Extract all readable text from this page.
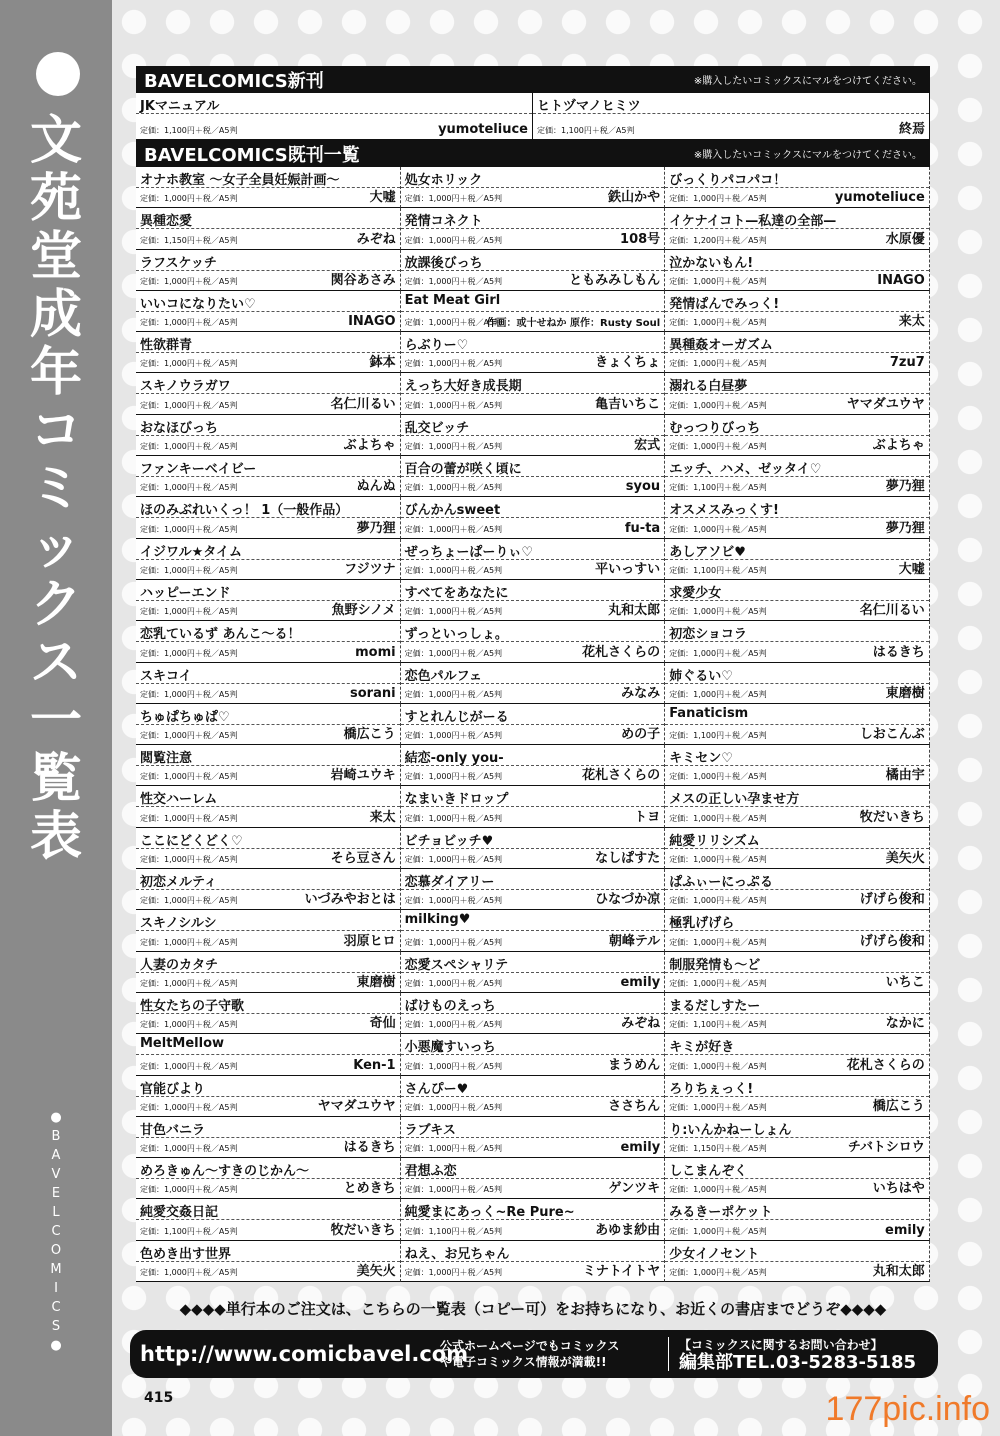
文
苑
堂
成
年
コ
ミ
ッ
ク
ス
一
覧
表
●
B
A
V
E
L
C
O
M
I
C
S
●
BAVELCOMICS新刊	※購入したいコミックスにマルをつけてください。
JKマニュアル
定価：1,100円＋税／A5判	yumoteliuce
ヒトヅマノヒミツ
定価：1,100円＋税／A5判	終焉
BAVELCOMICS既刊一覧	※購入したいコミックスにマルをつけてください。
オナホ教室 〜女子全員妊娠計画〜
定価：1,000円＋税／A5判	大嘘
異種恋愛
定価：1,150円＋税／A5判	みぞね
ラフスケッチ
定価：1,000円＋税／A5判	関谷あさみ
いいコになりたい♡
定価：1,000円＋税／A5判	INAGO
性欲群青
定価：1,000円＋税／A5判	鉢本
スキノウラガワ
定価：1,000円＋税／A5判	名仁川るい
おなほびっち
定価：1,000円＋税／A5判	ぶよちゃ
ファンキーベイビー
定価：1,000円＋税／A5判	ぬんぬ
ほのみぶれいくっ！ 1（一般作品）
定価：1,000円＋税／A5判	夢乃狸
イジワル★タイム
定価：1,000円＋税／A5判	フジツナ
ハッピーエンド
定価：1,000円＋税／A5判	魚野シノメ
恋乳ているず あんこ〜る！
定価：1,000円＋税／A5判	momi
スキコイ
定価：1,000円＋税／A5判	sorani
ちゅぱちゅぱ♡
定価：1,000円＋税／A5判	橋広こう
閲覧注意
定価：1,000円＋税／A5判	岩崎ユウキ
性交ハーレム
定価：1,000円＋税／A5判	来太
ここにどくどく♡
定価：1,000円＋税／A5判	そら豆さん
初恋メルティ
定価：1,000円＋税／A5判	いづみやおとは
スキノシルシ
定価：1,000円＋税／A5判	羽原ヒロ
人妻のカタチ
定価：1,000円＋税／A5判	東磨樹
性女たちの子守歌
定価：1,000円＋税／A5判	奇仙
MeltMellow
定価：1,000円＋税／A5判	Ken-1
官能びより
定価：1,000円＋税／A5判	ヤマダユウヤ
甘色バニラ
定価：1,000円＋税／A5判	はるきち
めろきゅん〜すきのじかん〜
定価：1,000円＋税／A5判	とめきち
純愛交姦日記
定価：1,100円＋税／A5判	牧だいきち
色めき出す世界
定価：1,000円＋税／A5判	美矢火
処女ホリック
定価：1,000円＋税／A5判	鉄山かや
発情コネクト
定価：1,000円＋税／A5判	108号
放課後びっち
定価：1,000円＋税／A5判	ともみみしもん
Eat Meat Girl
定価：1,000円＋税／A5判
作画：或十せねか 原作：Rusty Soul
らぶりー♡
定価：1,000円＋税／A5判	きょくちょ
えっち大好き成長期
定価：1,000円＋税／A5判	亀吉いちこ
乱交ビッチ
定価：1,000円＋税／A5判	宏式
百合の蕾が咲く頃に
定価：1,000円＋税／A5判	syou
びんかんsweet
定価：1,000円＋税／A5判	fu-ta
ぜっちょーぱーりぃ♡
定価：1,000円＋税／A5判	平いっすい
すべてをあなたに
定価：1,000円＋税／A5判	丸和太郎
ずっといっしょ。
定価：1,000円＋税／A5判	花札さくらの
恋色パルフェ
定価：1,000円＋税／A5判	みなみ
すとれんじがーる
定価：1,000円＋税／A5判	めの子
結恋-only you-
定価：1,000円＋税／A5判	花札さくらの
なまいきドロップ
定価：1,000円＋税／A5判	トヨ
ビチョビッチ♥
定価：1,000円＋税／A5判	なしぱすた
恋慕ダイアリー
定価：1,000円＋税／A5判	ひなづか凉
milking♥
定価：1,000円＋税／A5判	朝峰テル
恋愛スペシャリテ
定価：1,000円＋税／A5判	emily
ばけものえっち
定価：1,000円＋税／A5判	みぞね
小悪魔すいっち
定価：1,000円＋税／A5判	まうめん
さんぴー♥
定価：1,000円＋税／A5判	ささちん
ラブキス
定価：1,000円＋税／A5判	emily
君想ふ恋
定価：1,000円＋税／A5判	ゲンツキ
純愛まにあっく~Re Pure~
定価：1,100円＋税／A5判	あゆま紗由
ねえ、お兄ちゃん
定価：1,000円＋税／A5判	ミナトイトヤ
びっくりパコパコ！
定価：1,000円＋税／A5判	yumoteliuce
イケナイコト—私達の全部—
定価：1,200円＋税／A5判	水原優
泣かないもん!
定価：1,000円＋税／A5判	INAGO
発情ぱんでみっく!
定価：1,000円＋税／A5判	来太
異種姦オーガズム
定価：1,000円＋税／A5判	7zu7
溺れる白昼夢
定価：1,000円＋税／A5判	ヤマダユウヤ
むっつりびっち
定価：1,000円＋税／A5判	ぶよちゃ
エッチ、ハメ、ゼッタイ♡
定価：1,100円＋税／A5判	夢乃狸
オスメスみっくす!
定価：1,000円＋税／A5判	夢乃狸
あしアソビ♥
定価：1,100円＋税／A5判	大嘘
求愛少女
定価：1,000円＋税／A5判	名仁川るい
初恋ショコラ
定価：1,000円＋税／A5判	はるきち
姉ぐるい♡
定価：1,000円＋税／A5判	東磨樹
Fanaticism
定価：1,100円＋税／A5判	しおこんぶ
キミセン♡
定価：1,000円＋税／A5判	橘由宇
メスの正しい孕ませ方
定価：1,000円＋税／A5判	牧だいきち
純愛リリシズム
定価：1,000円＋税／A5判	美矢火
ぱふぃーにっぷる
定価：1,000円＋税／A5判	げげら俊和
極乳げげら
定価：1,000円＋税／A5判	げげら俊和
制服発情も〜ど
定価：1,000円＋税／A5判	いちこ
まるだしすたー
定価：1,100円＋税／A5判	なかに
キミが好き
定価：1,000円＋税／A5判	花札さくらの
ろりちぇっく!
定価：1,000円＋税／A5判	橋広こう
り:いんかねーしょん
定価：1,150円＋税／A5判	チバトシロウ
しこまんぞく
定価：1,000円＋税／A5判	いちはや
みるきーポケット
定価：1,000円＋税／A5判	emily
少女イノセント
定価：1,000円＋税／A5判	丸和太郎
◆◆◆◆単行本のご注文は、こちらの一覧表（コピー可）をお持ちになり、お近くの書店までどうぞ◆◆◆◆
http://www.comicbavel.com
公式ホームページでもコミックス
や電子コミックス情報が満載!!
【コミックスに関するお問い合わせ】
編集部TEL.03-5283-5185
415	177pic.info
